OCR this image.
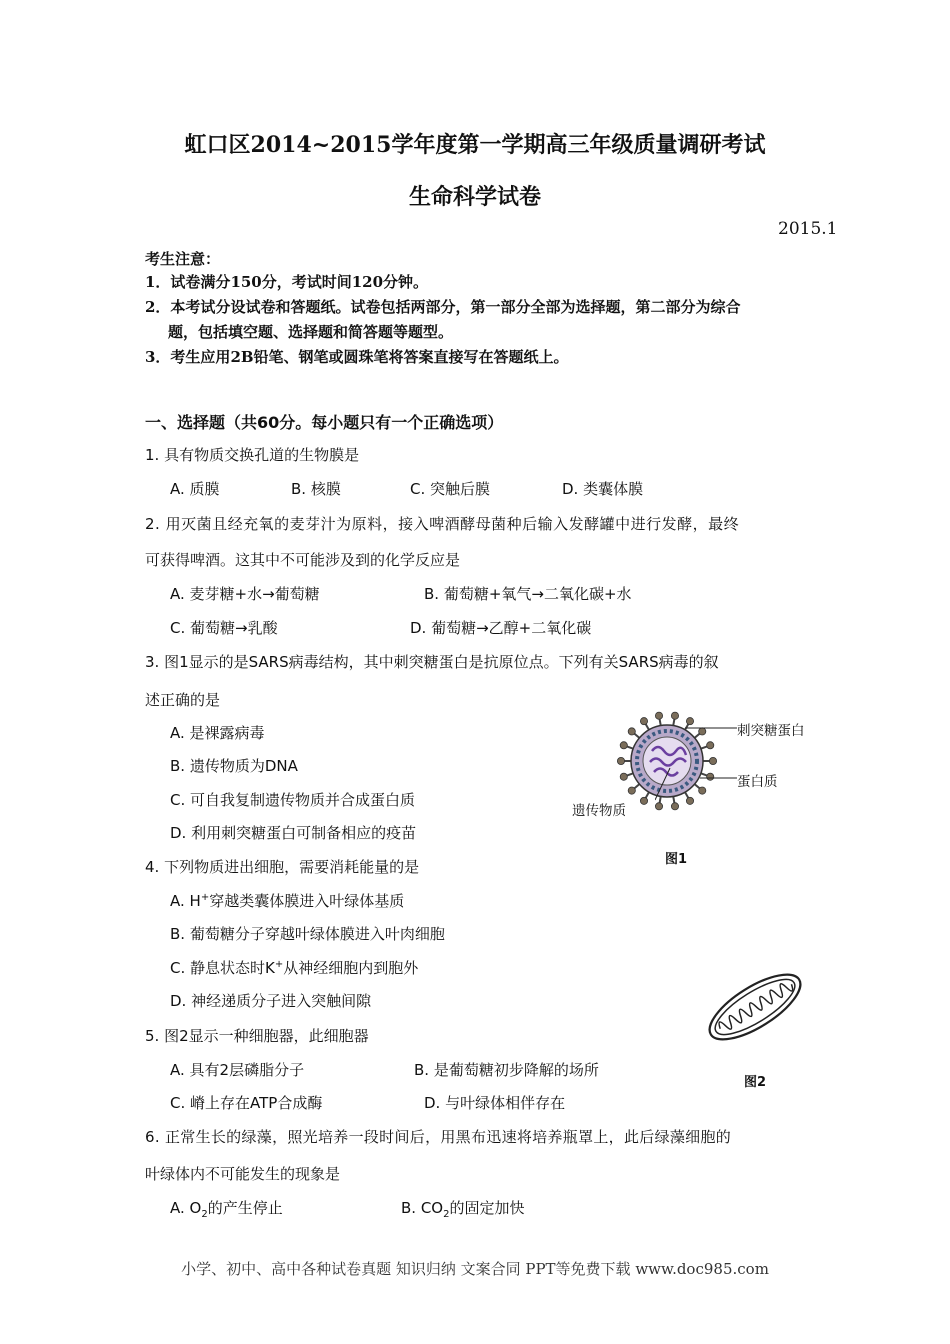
虹口区2014~2015学年度第一学期高三年级质量调研考试
生命科学试卷
2015.1
考生注意：
1．试卷满分150分，考试时间120分钟。
2．本考试分设试卷和答题纸。试卷包括两部分，第一部分全部为选择题，第二部分为综合
题，包括填空题、选择题和简答题等题型。
3．考生应用2B铅笔、钢笔或圆珠笔将答案直接写在答题纸上。
一、选择题（共60分。每小题只有一个正确选项）
1. 具有物质交换孔道的生物膜是
A. 质膜	B. 核膜	C. 突触后膜	D. 类囊体膜
2. 用灭菌且经充氧的麦芽汁为原料，接入啤酒酵母菌种后输入发酵罐中进行发酵，最终
可获得啤酒。这其中不可能涉及到的化学反应是
A. 麦芽糖+水→葡萄糖	B. 葡萄糖+氧气→二氧化碳+水
C. 葡萄糖→乳酸	D. 葡萄糖→乙醇+二氧化碳
3. 图1显示的是SARS病毒结构，其中刺突糖蛋白是抗原位点。下列有关SARS病毒的叙
述正确的是
A. 是裸露病毒
B. 遗传物质为DNA
C. 可自我复制遗传物质并合成蛋白质
D. 利用刺突糖蛋白可制备相应的疫苗
刺突糖蛋白
蛋白质
遗传物质
图1
4. 下列物质进出细胞，需要消耗能量的是
A. H+穿越类囊体膜进入叶绿体基质
B. 葡萄糖分子穿越叶绿体膜进入叶肉细胞
C. 静息状态时K+从神经细胞内到胞外
D. 神经递质分子进入突触间隙
图2
5. 图2显示一种细胞器，此细胞器
A. 具有2层磷脂分子	B. 是葡萄糖初步降解的场所
C. 嵴上存在ATP合成酶	D. 与叶绿体相伴存在
6. 正常生长的绿藻，照光培养一段时间后，用黑布迅速将培养瓶罩上，此后绿藻细胞的
叶绿体内不可能发生的现象是
A. $O_2$的产生停止	B. $CO_2$的固定加快
小学、初中、高中各种试卷真题 知识归纳 文案合同 PPT等免费下载 www.doc985.com
